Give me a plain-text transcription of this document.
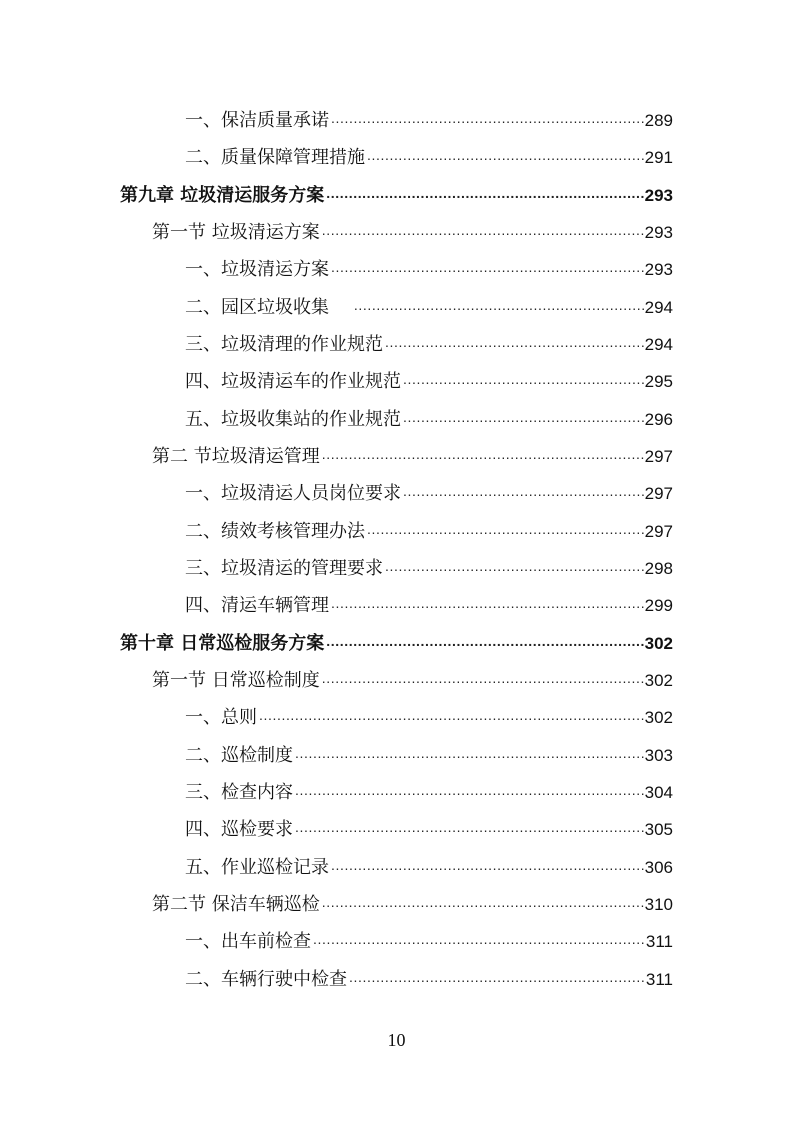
一、保洁质量承诺 .....	289
二、质量保障管理措施 .....	291
第九章 垃圾清运服务方案 .....	293
第一节 垃圾清运方案 .....	293
一、垃圾清运方案 .....	293
二、园区垃圾收集 .....	294
三、垃圾清理的作业规范 .....	294
四、垃圾清运车的作业规范 .....	295
五、垃圾收集站的作业规范 .....	296
第二 节垃圾清运管理 .....	297
一、垃圾清运人员岗位要求 .....	297
二、绩效考核管理办法 .....	297
三、垃圾清运的管理要求 .....	298
四、清运车辆管理 .....	299
第十章 日常巡检服务方案 .....	302
第一节 日常巡检制度 .....	302
一、总则 .....	302
二、巡检制度 .....	303
三、检查内容 .....	304
四、巡检要求 .....	305
五、作业巡检记录 .....	306
第二节 保洁车辆巡检 .....	310
一、出车前检查 .....	311
二、车辆行驶中检查 .....	311
10
